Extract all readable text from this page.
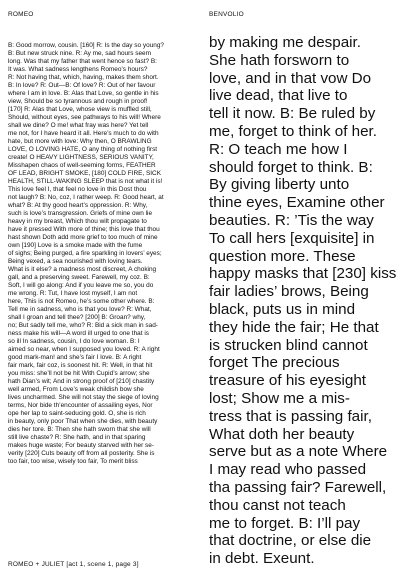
ROMEO	BENVOLIO
B: Good morrow, cousin. [160] R: Is the day so young?
B: But new struck nine. R: Ay me, sad hours seem
long. Was that my father that went hence so fast? B:
It was. What sadness lengthens Romeo’s hours?
R: Not having that, which, having, makes them short.
B: In love? R: Out—B: Of love? R: Out of her favour
where I am in love. B: Alas that Love, so gentle in his
view, Should be so tyrannous and rough in proof!
[170] R: Alas that Love, whose view is muffled still,
Should, without eyes, see pathways to his will! Where
shall we dine? O me! what fray was here? Yet tell
me not, for I have heard it all. Here’s much to do with
hate, but more with love: Why then, O BRAWLING
LOVE, O LOVING HATE, O any thing of nothing first
create! O HEAVY LIGHTNESS, SERIOUS VANITY,
Misshapen chaos of well-seeming forms, FEATHER
OF LEAD, BRIGHT SMOKE, [180] COLD FIRE, SICK
HEALTH, STILL-WAKING SLEEP that is not what it is!
This love feel I, that feel no love in this Dost thou
not laugh? B: No, coz, I rather weep. R: Good heart, at
what? B: At thy good heart’s oppression. R: Why,
such is love’s transgression. Griefs of mine own lie
heavy in my breast, Which thou wilt propagate to
have it pressed With more of thine; this love that thou
hast shown Doth add more grief to too much of mine
own [190] Love is a smoke made with the fume
of sighs; Being purged, a fire sparkling in lovers’ eyes;
Being vexed, a sea nourished with loving tears.
What is it else? a madness most discreet, A choking
gall, and a preserving sweet. Farewell, my coz. B:
Soft, I will go along: And if you leave me so, you do
me wrong. R: Tut, I have lost myself, I am not
here, This is not Romeo, he’s some other where. B:
Tell me in sadness, who is that you love? R: What,
shall I groan and tell thee? [200] B: Groan? why,
no; But sadly tell me, who? R: Bid a sick man in sad-
ness make his will—A word ill urged to one that is
so ill In sadness, cousin, I do love woman. B: I
aimed so near, when I supposed you loved. R: A right
good mark-man! and she’s fair I love. B: A right
fair mark, fair coz, is soonest hit. R: Well, in that hit
you miss: she’ll not be hit With Cupid’s arrow; she
hath Dian’s wit; And in strong proof of [210] chastity
well armed, From Love’s weak childish bow she
lives uncharmed. She will not stay the siege of loving
terms, Nor bide th’encounter of assailing eyes, Nor
ope her lap to saint-seducing gold. O, she is rich
in beauty, only poor That when she dies, with beauty
dies her tore. B: Then she hath sworn that she will
still live chaste? R: She hath, and in that sparing
makes huge waste; For beauty starved with her se-
verity [220] Cuts beauty off from all posterity. She is
too fair, too wise, wisely too fair, To merit bliss
by making me despair.
She hath forsworn to
love, and in that vow Do
live dead, that live to
tell it now. B: Be ruled by
me, forget to think of her.
R: O teach me how I
should forget to think. B:
By giving liberty unto
thine eyes, Examine other
beauties. R: ’Tis the way
To call hers [exquisite] in
question more. These
happy masks that [230] kiss
fair ladies’ brows, Being
black, puts us in mind
they hide the fair; He that
is strucken blind cannot
forget The precious
treasure of his eyesight
lost; Show me a mis-
tress that is passing fair,
What doth her beauty
serve but as a note Where
I may read who passed
tha passing fair? Farewell,
thou canst not teach
me to forget. B: I’ll pay
that doctrine, or else die
in debt. Exeunt.
ROMEO + JULIET [act 1, scene 1, page 3]
